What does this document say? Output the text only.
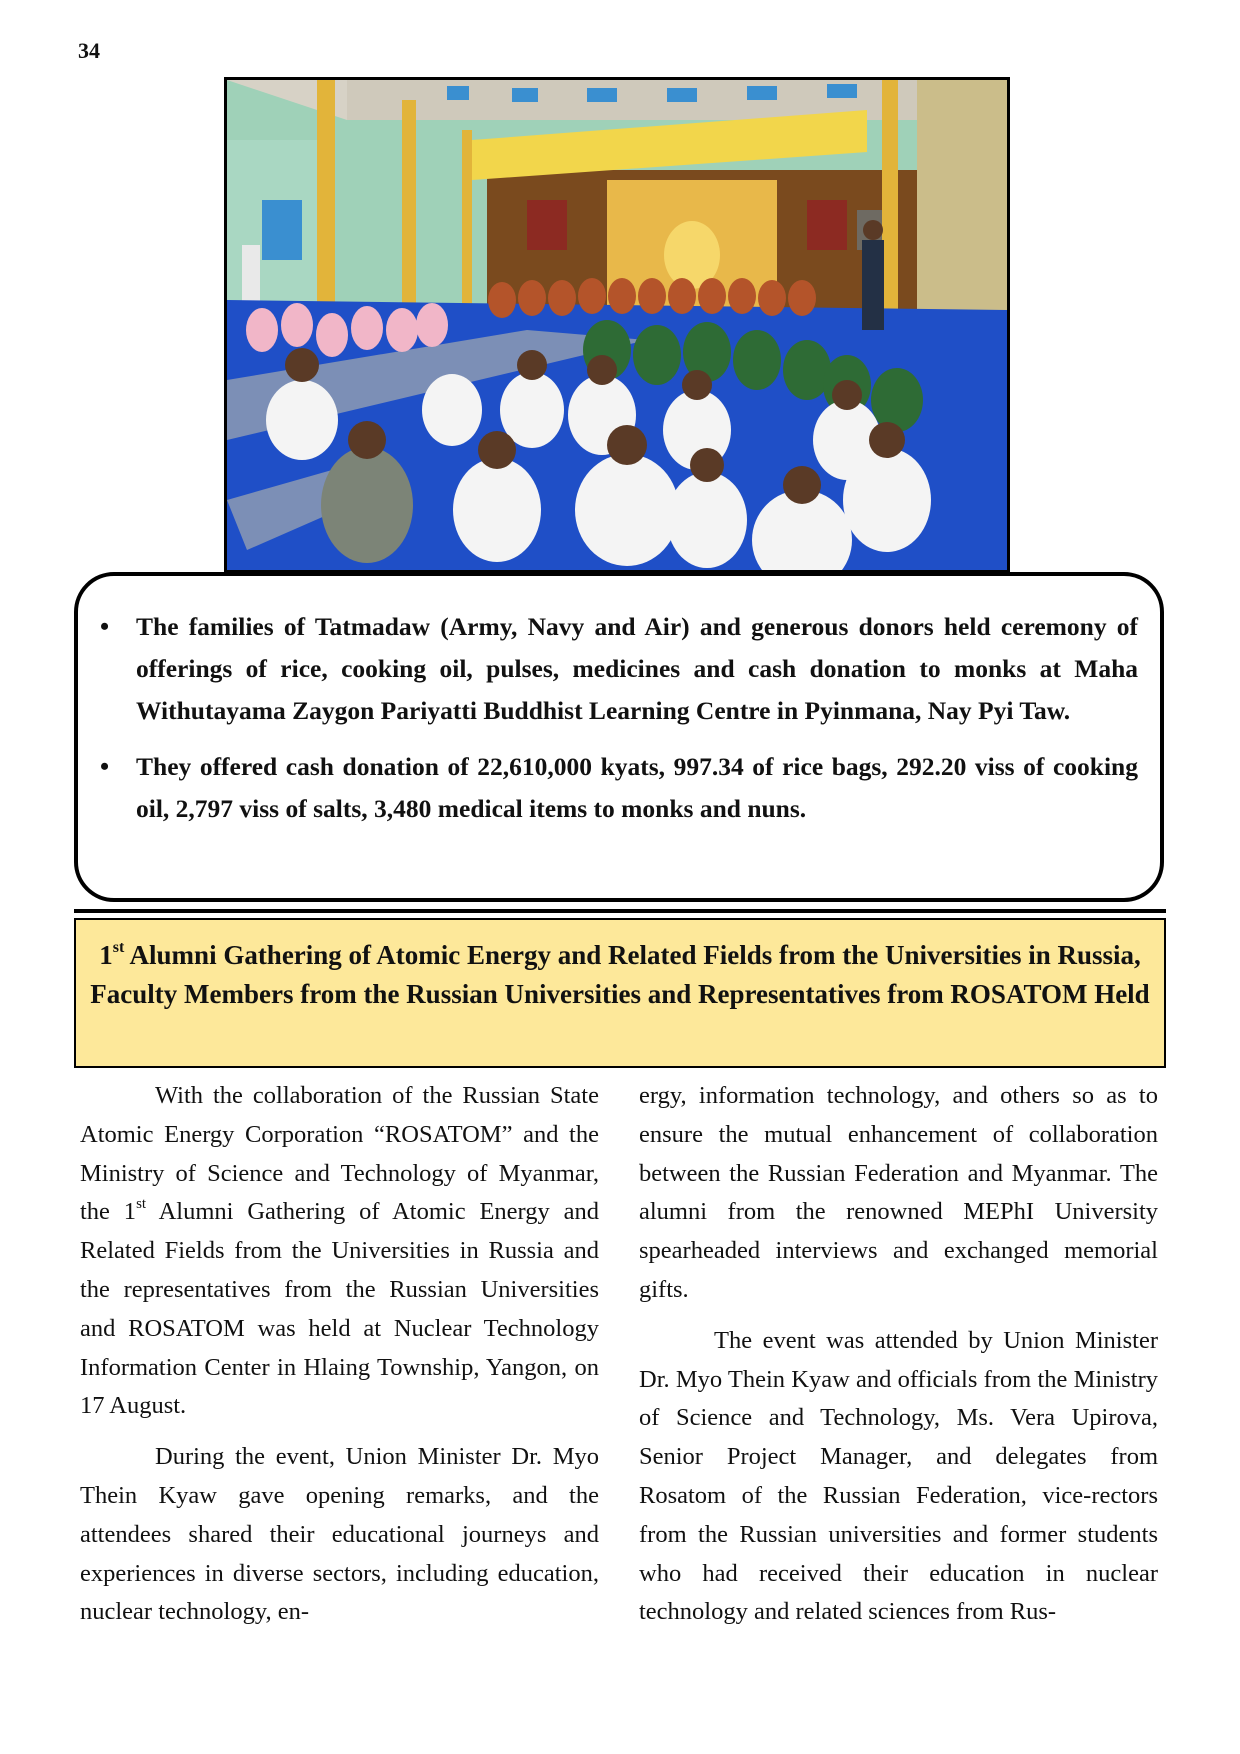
34
• The families of Tatmadaw (Army, Navy and Air) and generous donors held ceremony of offerings of rice, cooking oil, pulses, medicines and cash donation to monks at Maha Withutayama Zaygon Pariyatti Buddhist Learning Centre in Pyinmana, Nay Pyi Taw.
• They offered cash donation of 22,610,000 kyats, 997.34 of rice bags, 292.20 viss of cooking oil, 2,797 viss of salts, 3,480 medical items to monks and nuns.
1st Alumni Gathering of Atomic Energy and Related Fields from the Universities in Russia, Faculty Members from the Russian Universities and Representatives from ROSATOM Held

With the collaboration of the Russian State Atomic Energy Corporation “ROSATOM” and the Ministry of Science and Technology of Myanmar, the 1st Alumni Gathering of Atomic Energy and Related Fields from the Universities in Russia and the representatives from the Russian Universities and ROSATOM was held at Nuclear Technology Information Center in Hlaing Township, Yangon, on 17 August.

During the event, Union Minister Dr. Myo Thein Kyaw gave opening remarks, and the attendees shared their educational journeys and experiences in diverse sectors, including education, nuclear technology, en-

ergy, information technology, and others so as to ensure the mutual enhancement of collaboration between the Russian Federation and Myanmar. The alumni from the renowned MEPhI University spearheaded interviews and exchanged memorial gifts.

The event was attended by Union Minister Dr. Myo Thein Kyaw and officials from the Ministry of Science and Technology, Ms. Vera Upirova, Senior Project Manager, and delegates from Rosatom of the Russian Federation, vice-rectors from the Russian universities and former students who had received their education in nuclear technology and related sciences from Rus-
